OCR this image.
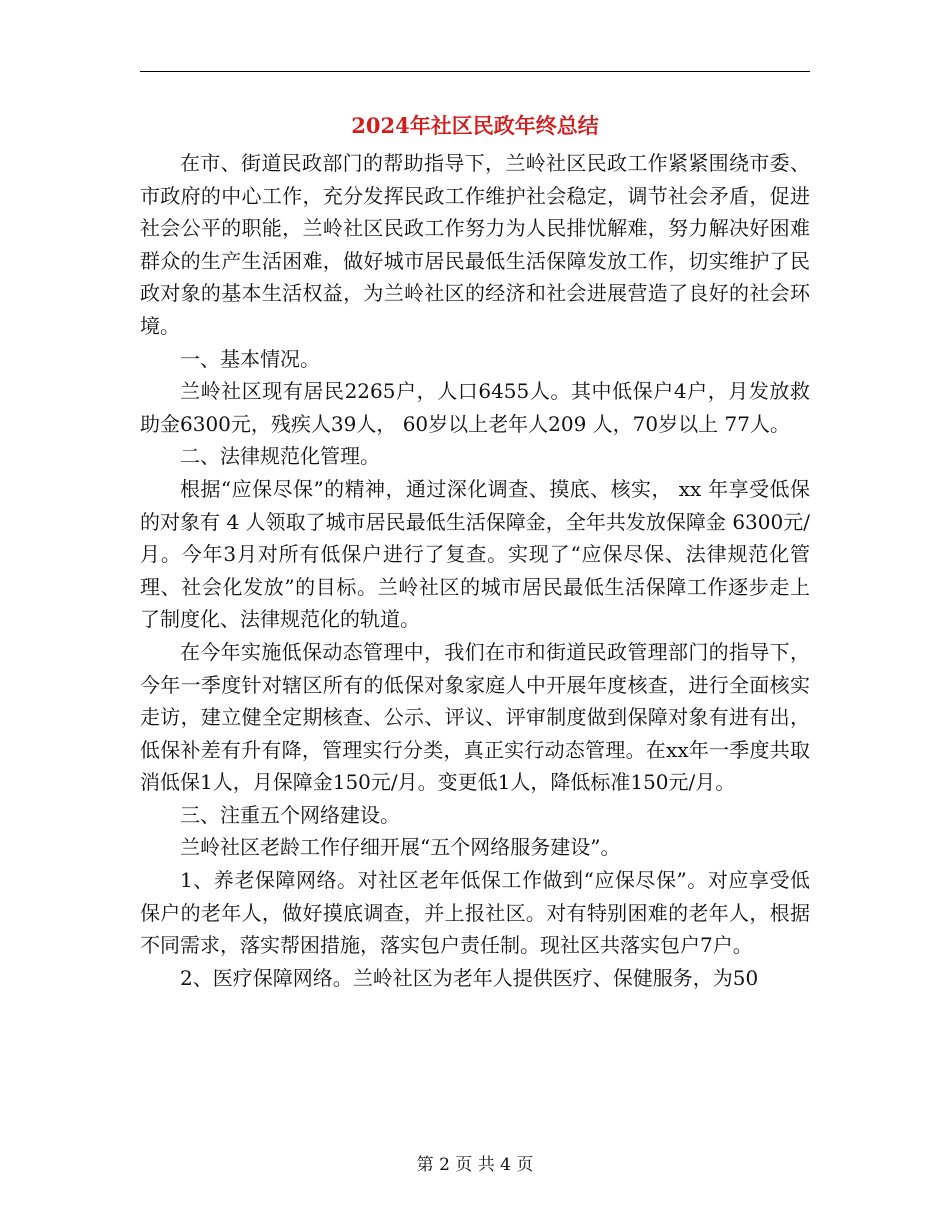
2024年社区民政年终总结

在市、街道民政部门的帮助指导下，兰岭社区民政工作紧紧围绕市委、市政府的中心工作，充分发挥民政工作维护社会稳定，调节社会矛盾，促进社会公平的职能，兰岭社区民政工作努力为人民排忧解难，努力解决好困难群众的生产生活困难，做好城市居民最低生活保障发放工作，切实维护了民政对象的基本生活权益，为兰岭社区的经济和社会进展营造了良好的社会环境。

一、基本情况。

兰岭社区现有居民2265户，人口6455人。其中低保户4户，月发放救助金6300元，残疾人39人， 60岁以上老年人209 人，70岁以上 77人。

二、法律规范化管理。

根据“应保尽保”的精神，通过深化调查、摸底、核实， xx 年享受低保的对象有 4 人领取了城市居民最低生活保障金，全年共发放保障金 6300元/月。今年3月对所有低保户进行了复查。实现了“应保尽保、法律规范化管理、社会化发放”的目标。兰岭社区的城市居民最低生活保障工作逐步走上了制度化、法律规范化的轨道。

在今年实施低保动态管理中，我们在市和街道民政管理部门的指导下，今年一季度针对辖区所有的低保对象家庭人中开展年度核查，进行全面核实走访，建立健全定期核查、公示、评议、评审制度做到保障对象有进有出，低保补差有升有降，管理实行分类，真正实行动态管理。在xx年一季度共取消低保1人，月保障金150元/月。变更低1人，降低标准150元/月。

三、注重五个网络建设。

兰岭社区老龄工作仔细开展“五个网络服务建设”。

1、养老保障网络。对社区老年低保工作做到“应保尽保”。对应享受低保户的老年人，做好摸底调查，并上报社区。对有特别困难的老年人，根据不同需求，落实帮困措施，落实包户责任制。现社区共落实包户7户。

2、医疗保障网络。兰岭社区为老年人提供医疗、保健服务，为50

第 2 页 共 4 页
